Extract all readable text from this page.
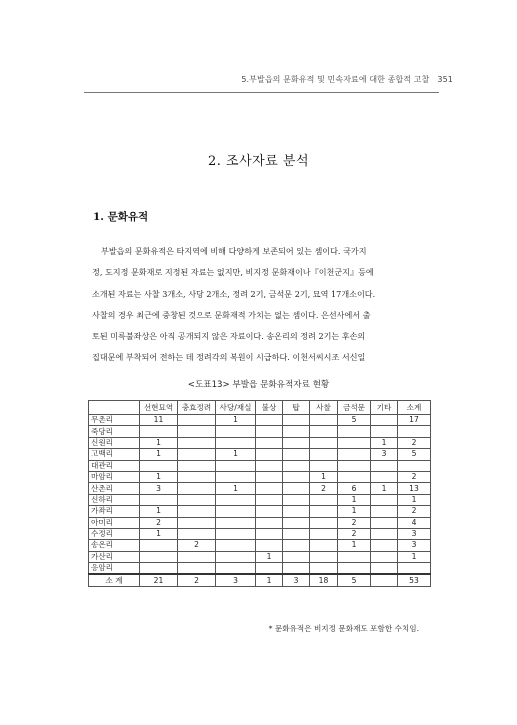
5.부발읍의 문화유적 및 민속자료에 대한 종합적 고찰 351
2. 조사자료 분석
1. 문화유적
부발읍의 문화유적은 타지역에 비해 다양하게 보존되어 있는 셈이다. 국가지
정, 도지정 문화재로 지정된 자료는 없지만, 비지정 문화재이나『이천군지』등에
소개된 자료는 사찰 3개소, 사당 2개소, 정려 2기, 금석문 2기, 묘역 17개소이다.
사찰의 경우 최근에 중창된 것으로 문화재적 가치는 없는 셈이다. 은선사에서 출
토된 미륵불좌상은 아직 공개되지 않은 자료이다. 송온리의 정려 2기는 후손의
집대문에 부착되어 전하는 데 정려각의 복원이 시급하다. 이천서씨시조 서신일
<도표13> 부발읍 문화유적자료 현황
	선현묘역	충효정려	사당/재실	불상	탑	사찰	금석문	기타	소계
무촌리	11		1				5		17
죽당리									
신원리	1							1	2
고백리	1		1					3	5
대관리									
마암리	1					1			2
산촌리	3		1			2	6	1	13
신하리							1		1
가좌리	1						1		2
아미리	2						2		4
수정리	1						2		3
송온리		2					1		3
가산리				1					1
응암리									
소 계	21	2	3	1	3	18	5		53
* 문화유적은 비지정 문화재도 포함한 수치임.
